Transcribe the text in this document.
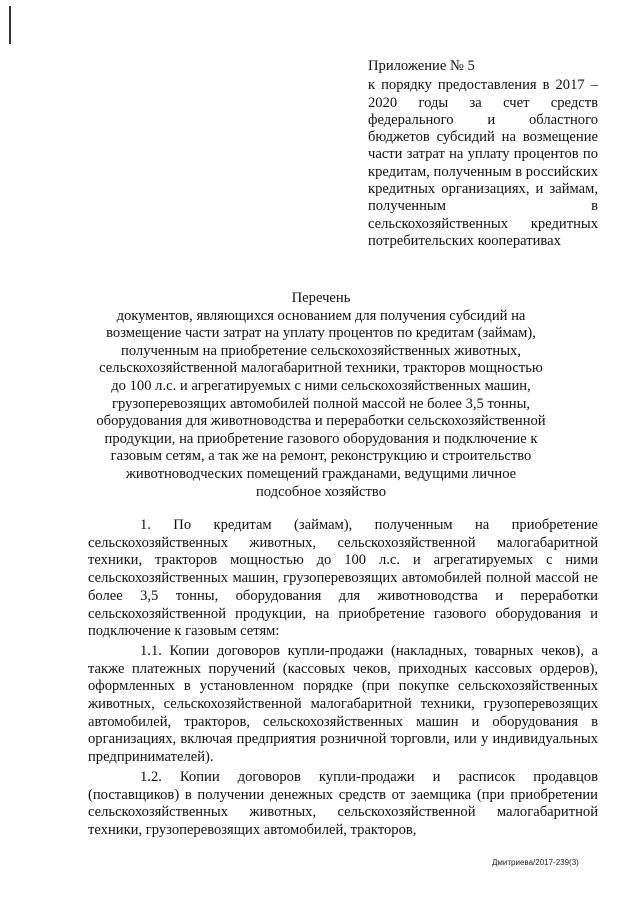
Приложение № 5
к порядку предоставления в 2017 – 2020 годы за счет средств федерального и областного бюджетов субсидий на возмещение части затрат на уплату процентов по кредитам, полученным в российских кредитных организациях, и займам, полученным в сельскохозяйственных кредитных потребительских кооперативах

Перечень

документов, являющихся основанием для получения субсидий на возмещение части затрат на уплату процентов по кредитам (займам), полученным на приобретение сельскохозяйственных животных, сельскохозяйственной малогабаритной техники, тракторов мощностью до 100 л.с. и агрегатируемых с ними сельскохозяйственных машин, грузоперевозящих автомобилей полной массой не более 3,5 тонны, оборудования для животноводства и переработки сельскохозяйственной продукции, на приобретение газового оборудования и подключение к газовым сетям, а так же на ремонт, реконструкцию и строительство животноводческих помещений гражданами, ведущими личное подсобное хозяйство

1. По кредитам (займам), полученным на приобретение сельскохозяйственных животных, сельскохозяйственной малогабаритной техники, тракторов мощностью до 100 л.с. и агрегатируемых с ними сельскохозяйственных машин, грузоперевозящих автомобилей полной массой не более 3,5 тонны, оборудования для животноводства и переработки сельскохозяйственной продукции, на приобретение газового оборудования и подключение к газовым сетям:

1.1. Копии договоров купли-продажи (накладных, товарных чеков), а также платежных поручений (кассовых чеков, приходных кассовых ордеров), оформленных в установленном порядке (при покупке сельскохозяйственных животных, сельскохозяйственной малогабаритной техники, грузоперевозящих автомобилей, тракторов, сельскохозяйственных машин и оборудования в организациях, включая предприятия розничной торговли, или у индивидуальных предпринимателей).

1.2. Копии договоров купли-продажи и расписок продавцов (поставщиков) в получении денежных средств от заемщика (при приобретении сельскохозяйственных животных, сельскохозяйственной малогабаритной техники, грузоперевозящих автомобилей, тракторов,

Дмитриева/2017-239(3)
